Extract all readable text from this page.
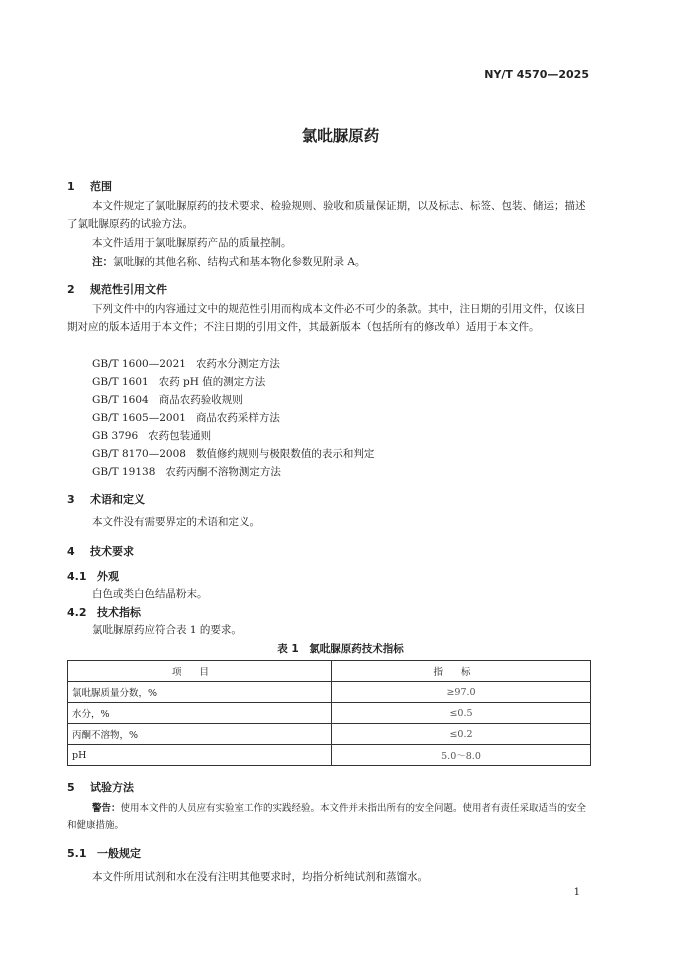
NY/T 4570—2025
氯吡脲原药
1 范围
本文件规定了氯吡脲原药的技术要求、检验规则、验收和质量保证期，以及标志、标签、包装、储运；描述了氯吡脲原药的试验方法。
本文件适用于氯吡脲原药产品的质量控制。
注：氯吡脲的其他名称、结构式和基本物化参数见附录 A。
2 规范性引用文件
下列文件中的内容通过文中的规范性引用而构成本文件必不可少的条款。其中，注日期的引用文件，仅该日期对应的版本适用于本文件；不注日期的引用文件，其最新版本（包括所有的修改单）适用于本文件。
GB/T 1600—2021 农药水分测定方法
GB/T 1601 农药 pH 值的测定方法
GB/T 1604 商品农药验收规则
GB/T 1605—2001 商品农药采样方法
GB 3796 农药包装通则
GB/T 8170—2008 数值修约规则与极限数值的表示和判定
GB/T 19138 农药丙酮不溶物测定方法
3 术语和定义
本文件没有需要界定的术语和定义。
4 技术要求
4.1 外观
白色或类白色结晶粉末。
4.2 技术指标
氯吡脲原药应符合表 1 的要求。
表 1　氯吡脲原药技术指标
项目	指标
氯吡脲质量分数，%	≥97.0
水分，%	≤0.5
丙酮不溶物，%	≤0.2
pH	5.0～8.0
5 试验方法
警告：使用本文件的人员应有实验室工作的实践经验。本文件并未指出所有的安全问题。使用者有责任采取适当的安全和健康措施。
5.1 一般规定
本文件所用试剂和水在没有注明其他要求时，均指分析纯试剂和蒸馏水。
1
